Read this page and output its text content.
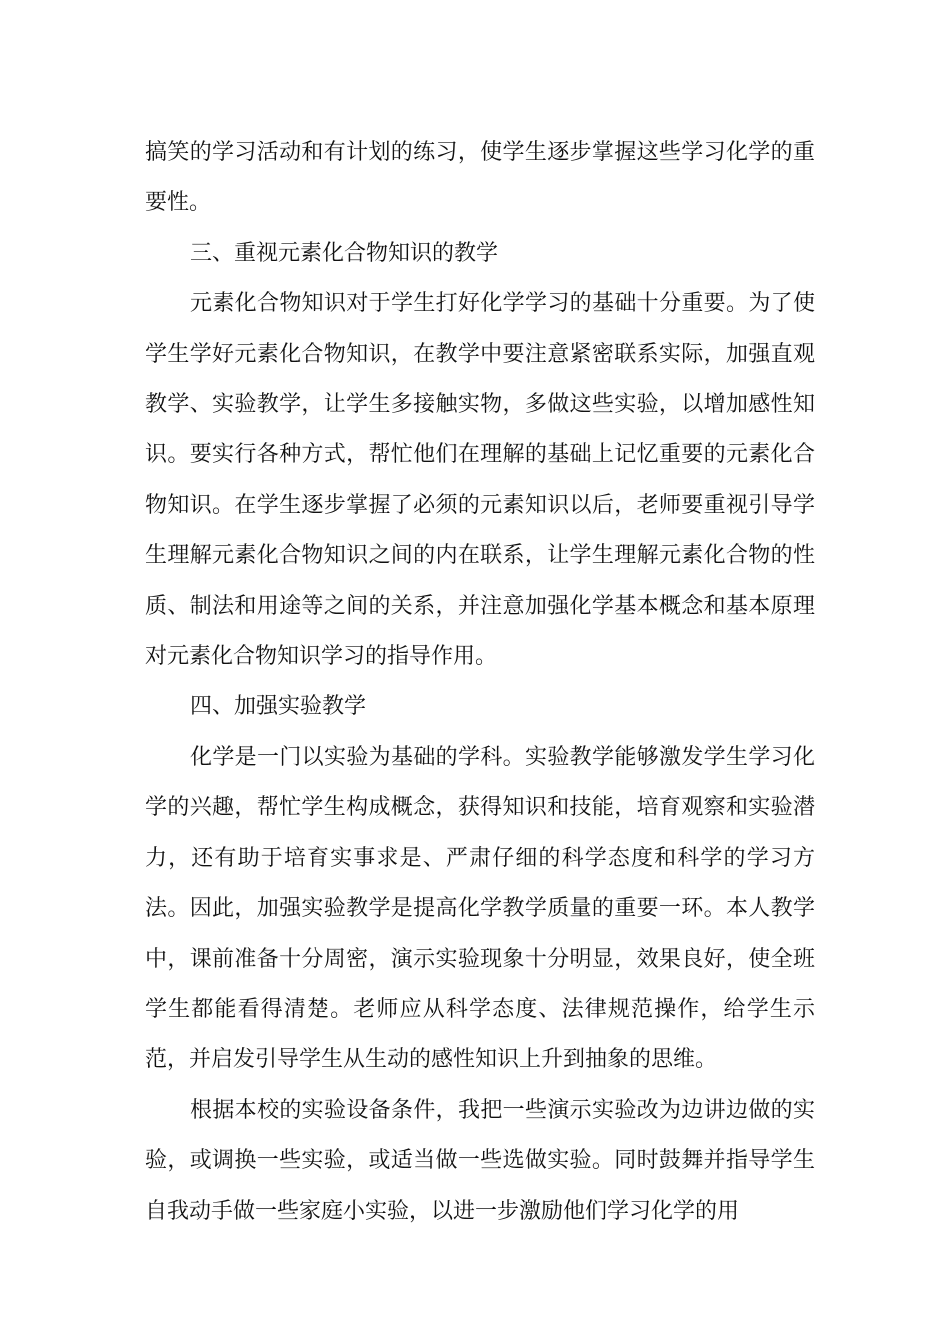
搞笑的学习活动和有计划的练习，使学生逐步掌握这些学习化学的重要性。

三、重视元素化合物知识的教学

元素化合物知识对于学生打好化学学习的基础十分重要。为了使学生学好元素化合物知识，在教学中要注意紧密联系实际，加强直观教学、实验教学，让学生多接触实物，多做这些实验，以增加感性知识。要实行各种方式，帮忙他们在理解的基础上记忆重要的元素化合物知识。在学生逐步掌握了必须的元素知识以后，老师要重视引导学生理解元素化合物知识之间的内在联系，让学生理解元素化合物的性质、制法和用途等之间的关系，并注意加强化学基本概念和基本原理对元素化合物知识学习的指导作用。

四、加强实验教学

化学是一门以实验为基础的学科。实验教学能够激发学生学习化学的兴趣，帮忙学生构成概念，获得知识和技能，培育观察和实验潜力，还有助于培育实事求是、严肃仔细的科学态度和科学的学习方法。因此，加强实验教学是提高化学教学质量的重要一环。本人教学中，课前准备十分周密，演示实验现象十分明显，效果良好，使全班学生都能看得清楚。老师应从科学态度、法律规范操作，给学生示范，并启发引导学生从生动的感性知识上升到抽象的思维。

根据本校的实验设备条件，我把一些演示实验改为边讲边做的实验，或调换一些实验，或适当做一些选做实验。同时鼓舞并指导学生自我动手做一些家庭小实验，以进一步激励他们学习化学的用
